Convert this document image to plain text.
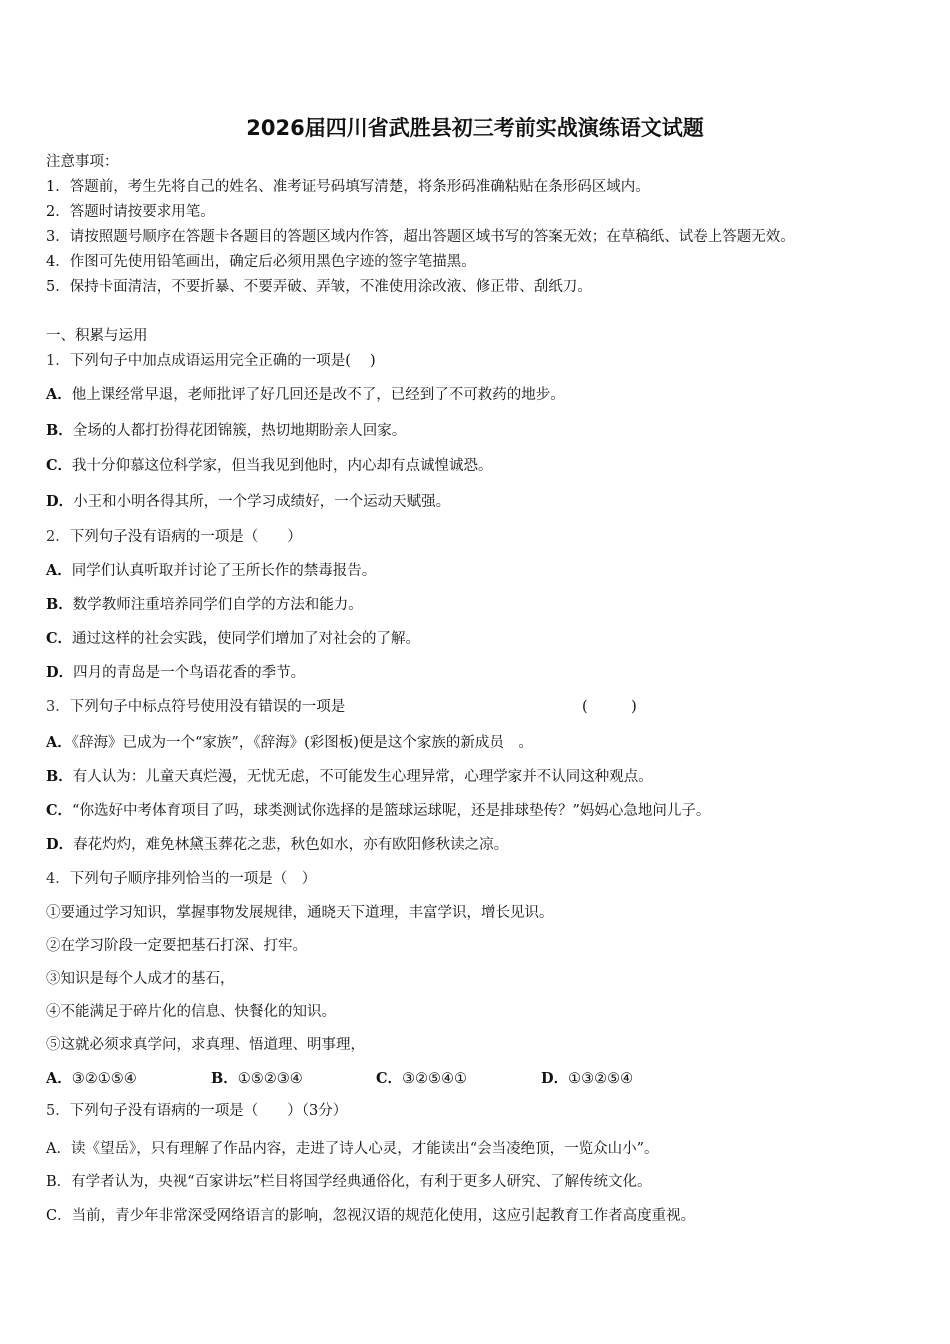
2026届四川省武胜县初三考前实战演练语文试题
注意事项：
1．答题前，考生先将自己的姓名、准考证号码填写清楚，将条形码准确粘贴在条形码区域内。
2．答题时请按要求用笔。
3．请按照题号顺序在答题卡各题目的答题区域内作答，超出答题区域书写的答案无效；在草稿纸、试卷上答题无效。
4．作图可先使用铅笔画出，确定后必须用黑色字迹的签字笔描黑。
5．保持卡面清洁，不要折暴、不要弄破、弄皱，不准使用涂改液、修正带、刮纸刀。
一、积累与运用
1．下列句子中加点成语运用完全正确的一项是(　 )
A．他上课经常早退，老师批评了好几回还是改不了，已经到了不可救药的地步。
B．全场的人都打扮得花团锦簇，热切地期盼亲人回家。
C．我十分仰慕这位科学家，但当我见到他时，内心却有点诚惶诚恐。
D．小王和小明各得其所，一个学习成绩好，一个运动天赋强。
2．下列句子没有语病的一项是（　　）
A．同学们认真听取并讨论了王所长作的禁毒报告。
B．数学教师注重培养同学们自学的方法和能力。
C．通过这样的社会实践，使同学们增加了对社会的了解。
D．四月的青岛是一个鸟语花香的季节。
3．下列句子中标点符号使用没有错误的一项是	(　　　)
A．《辞海》已成为一个“家族”，《辞海》(彩图板)便是这个家族的新成员　。
B．有人认为：儿童天真烂漫，无忧无虑，不可能发生心理异常，心理学家并不认同这种观点。
C．“你选好中考体育项目了吗，球类测试你选择的是篮球运球呢，还是排球垫传？”妈妈心急地问儿子。
D．春花灼灼，难免林黛玉葬花之悲，秋色如水，亦有欧阳修秋读之凉。
4．下列句子顺序排列恰当的一项是（　）
①要通过学习知识，掌握事物发展规律，通晓天下道理，丰富学识，增长见识。
②在学习阶段一定要把基石打深、打牢。
③知识是每个人成才的基石，
④不能满足于碎片化的信息、快餐化的知识。
⑤这就必须求真学问，求真理、悟道理、明事理，
A．③②①⑤④	B．①⑤②③④	C．③②⑤④①	D．①③②⑤④
5．下列句子没有语病的一项是（　　）（3分）
A．读《望岳》，只有理解了作品内容，走进了诗人心灵，才能读出“会当凌绝顶，一览众山小”。
B．有学者认为，央视“百家讲坛”栏目将国学经典通俗化，有利于更多人研究、了解传统文化。
C．当前，青少年非常深受网络语言的影响，忽视汉语的规范化使用，这应引起教育工作者高度重视。
